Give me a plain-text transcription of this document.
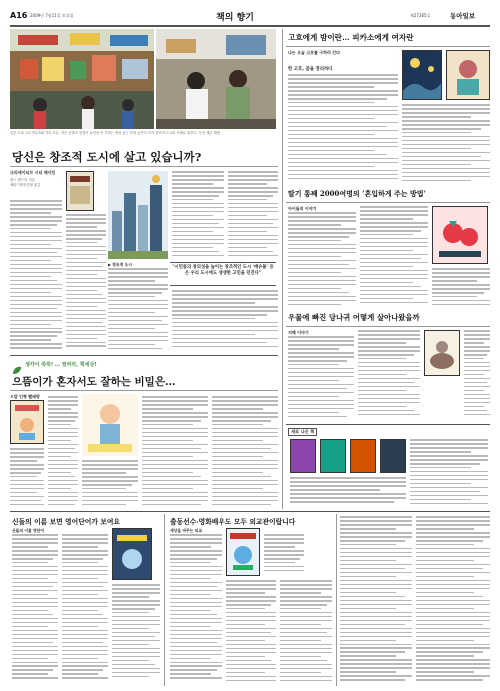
A16 2009년 7월11일 토요일	책의 향기	제27265호	동아일보
일본 도쿄 시모키타자와 거리 모습. 작은 공방과 상점이 늘어선 이 거리는 개성 있는 문화 공간이 모여 창조적 도시의 사례로 꼽힌다. 사진 제공 해냄
당신은 창조적 도시에 살고 있습니까?
크리에이티브 시티 메이킹
찰스 랜드리 지음
메타기획컨설팅 옮김
▶ 창조적 도시
"시민들의 창의성을 높이는 창조적인 도시 ‘메슈볼’ 등은 우리 도시에도 생생한 고민을 던진다"
생각이 쑥쑥! … 열려라, 책세상!
으뜸이가 혼자서도 잘하는 비밀은…
으뜸 인형 빨래방
신들의 이름 보면 영어단어가 보여요
신들의 이름 영단어
출동선수·영화배우도 모두 외교관이랍니다
세상을 바꾸는 외교
고흐에게 밤이란… 피카소에게 여자란
나는 오늘 고흐를 구하러 간다
한 고흐, 꿈을 정리하다
딸기 통째 2000여명의 ‘흔입하게 주는 방법’
아이들의 이야기
우물에 빠진 당나귀 어떻게 살아나왔을까
지혜 이야기
새로 나온 책
